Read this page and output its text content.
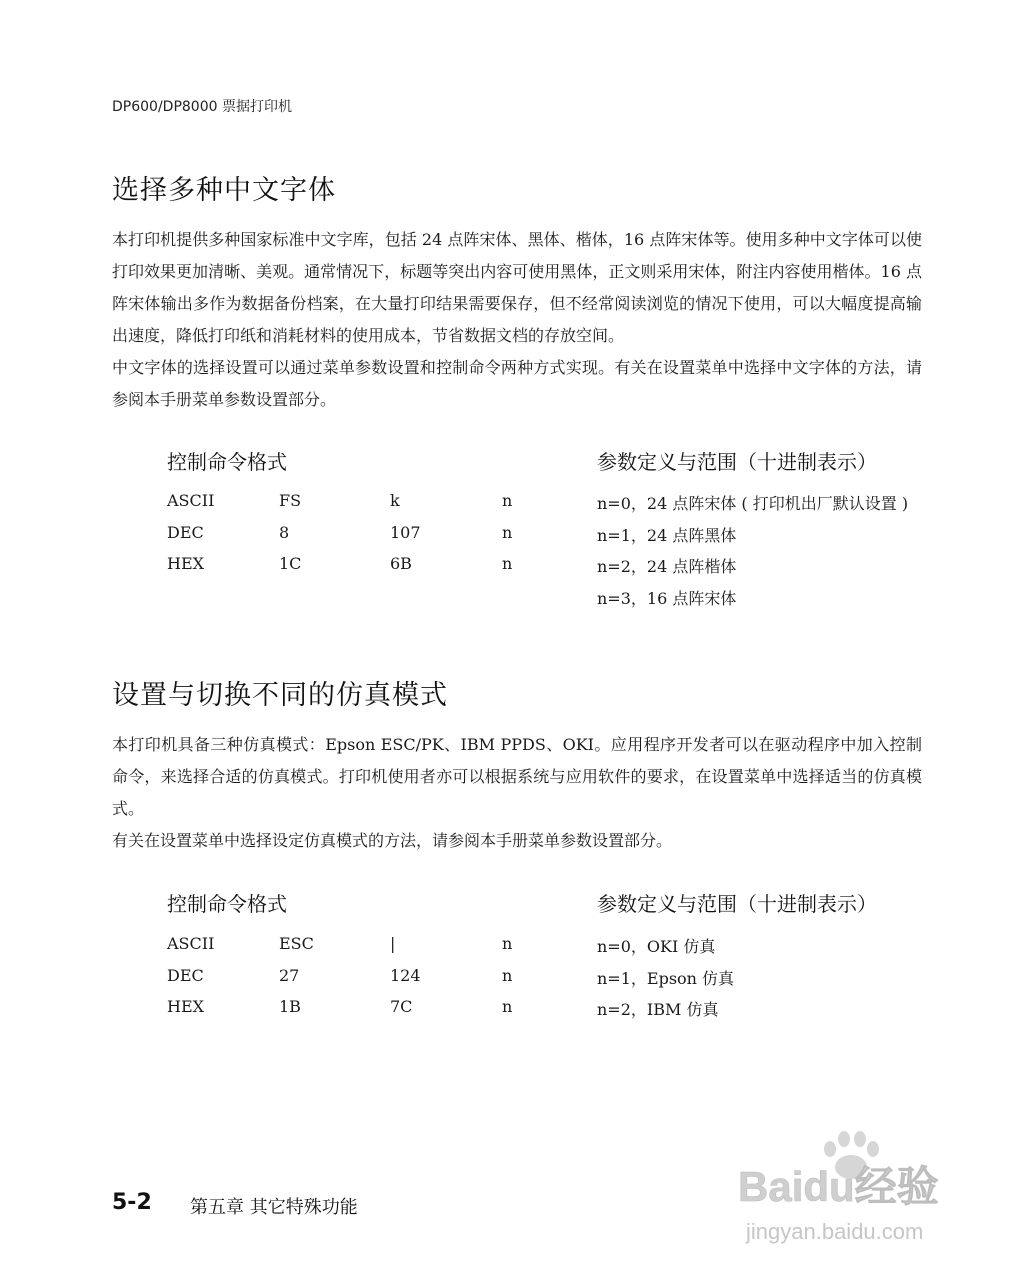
DP600/DP8000 票据打印机
选择多种中文字体

本打印机提供多种国家标准中文字库，包括 24 点阵宋体、黑体、楷体，16 点阵宋体等。使用多种中文字体可以使打印效果更加清晰、美观。通常情况下，标题等突出内容可使用黑体，正文则采用宋体，附注内容使用楷体。16 点阵宋体输出多作为数据备份档案，在大量打印结果需要保存，但不经常阅读浏览的情况下使用，可以大幅度提高输出速度，降低打印纸和消耗材料的使用成本，节省数据文档的存放空间。

中文字体的选择设置可以通过菜单参数设置和控制命令两种方式实现。有关在设置菜单中选择中文字体的方法，请参阅本手册菜单参数设置部分。

控制命令格式	参数定义与范围（十进制表示）
ASCII	FS	k	n
DEC	8	107	n
HEX	1C	6B	n
n=0，24 点阵宋体 ( 打印机出厂默认设置 )
n=1，24 点阵黑体
n=2，24 点阵楷体
n=3，16 点阵宋体
设置与切换不同的仿真模式

本打印机具备三种仿真模式：Epson ESC/PK、IBM PPDS、OKI。应用程序开发者可以在驱动程序中加入控制命令，来选择合适的仿真模式。打印机使用者亦可以根据系统与应用软件的要求，在设置菜单中选择适当的仿真模式。

有关在设置菜单中选择设定仿真模式的方法，请参阅本手册菜单参数设置部分。

控制命令格式	参数定义与范围（十进制表示）
ASCII	ESC	|	n
DEC	27	124	n
HEX	1B	7C	n
n=0，OKI 仿真
n=1，Epson 仿真
n=2，IBM 仿真
5-2 第五章 其它特殊功能	Baidu经验
jingyan.baidu.com
